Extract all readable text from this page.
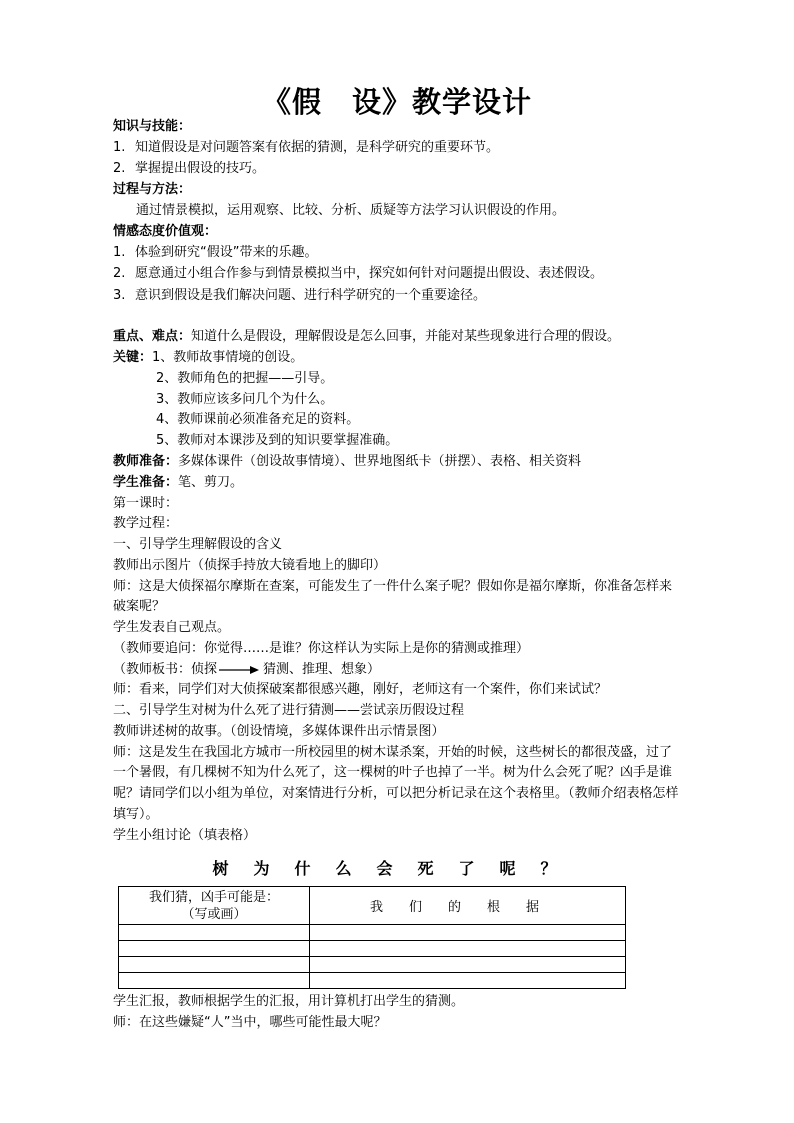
《假　设》教学设计
知识与技能：
1. 知道假设是对问题答案有依据的猜测，是科学研究的重要环节。
2. 掌握提出假设的技巧。
过程与方法：
通过情景模拟，运用观察、比较、分析、质疑等方法学习认识假设的作用。
情感态度价值观：
1. 体验到研究“假设”带来的乐趣。
2. 愿意通过小组合作参与到情景模拟当中，探究如何针对问题提出假设、表述假设。
3. 意识到假设是我们解决问题、进行科学研究的一个重要途径。
重点、难点：知道什么是假设，理解假设是怎么回事，并能对某些现象进行合理的假设。
关键：1、教师故事情境的创设。
2、教师角色的把握——引导。
3、教师应该多问几个为什么。
4、教师课前必须准备充足的资料。
5、教师对本课涉及到的知识要掌握准确。
教师准备：多媒体课件（创设故事情境）、世界地图纸卡（拼摆）、表格、相关资料
学生准备：笔、剪刀。
第一课时：
教学过程：
一、引导学生理解假设的含义
教师出示图片（侦探手持放大镜看地上的脚印）
师：这是大侦探福尔摩斯在查案，可能发生了一件什么案子呢？假如你是福尔摩斯，你准备怎样来
破案呢？
学生发表自己观点。
（教师要追问：你觉得……是谁？你这样认为实际上是你的猜测或推理）
（教师板书：侦探	猜测、推理、想象）
师：看来，同学们对大侦探破案都很感兴趣，刚好，老师这有一个案件，你们来试试？
二、引导学生对树为什么死了进行猜测——尝试亲历假设过程
教师讲述树的故事。（创设情境，多媒体课件出示情景图）
师：这是发生在我国北方城市一所校园里的树木谋杀案，开始的时候，这些树长的都很茂盛，过了
一个暑假，有几棵树不知为什么死了，这一棵树的叶子也掉了一半。树为什么会死了呢？凶手是谁
呢？请同学们以小组为单位，对案情进行分析，可以把分析记录在这个表格里。（教师介绍表格怎样
填写）。
学生小组讨论（填表格）
树为什么会死了呢？
我们猜，凶手可能是：
（写或画）	我们的根据

学生汇报，教师根据学生的汇报，用计算机打出学生的猜测。
师：在这些嫌疑“人”当中，哪些可能性最大呢？
